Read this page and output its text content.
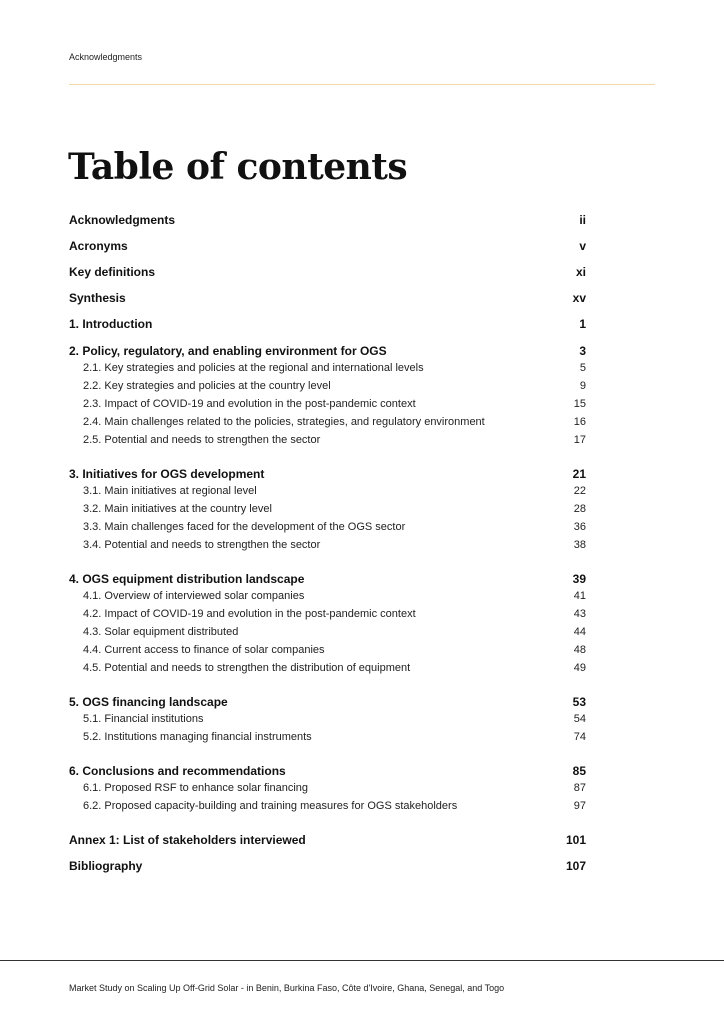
Acknowledgments
Table of contents
Acknowledgments	ii
Acronyms	v
Key definitions	xi
Synthesis	xv
1. Introduction	1
2. Policy, regulatory, and enabling environment for OGS	3
2.1. Key strategies and policies at the regional and international levels	5
2.2. Key strategies and policies at the country level	9
2.3. Impact of COVID-19 and evolution in the post-pandemic context	15
2.4. Main challenges related to the policies, strategies, and regulatory environment	16
2.5. Potential and needs to strengthen the sector	17
3. Initiatives for OGS development	21
3.1. Main initiatives at regional level	22
3.2. Main initiatives at the country level	28
3.3. Main challenges faced for the development of the OGS sector	36
3.4. Potential and needs to strengthen the sector	38
4. OGS equipment distribution landscape	39
4.1. Overview of interviewed solar companies	41
4.2. Impact of COVID-19 and evolution in the post-pandemic context	43
4.3. Solar equipment distributed	44
4.4. Current access to finance of solar companies	48
4.5. Potential and needs to strengthen the distribution of equipment	49
5. OGS financing landscape	53
5.1. Financial institutions	54
5.2. Institutions managing financial instruments	74
6. Conclusions and recommendations	85
6.1. Proposed RSF to enhance solar financing	87
6.2. Proposed capacity-building and training measures for OGS stakeholders	97
Annex 1: List of stakeholders interviewed	101
Bibliography	107
Market Study on Scaling Up Off-Grid Solar - in Benin, Burkina Faso, Côte d'Ivoire, Ghana, Senegal, and Togo
